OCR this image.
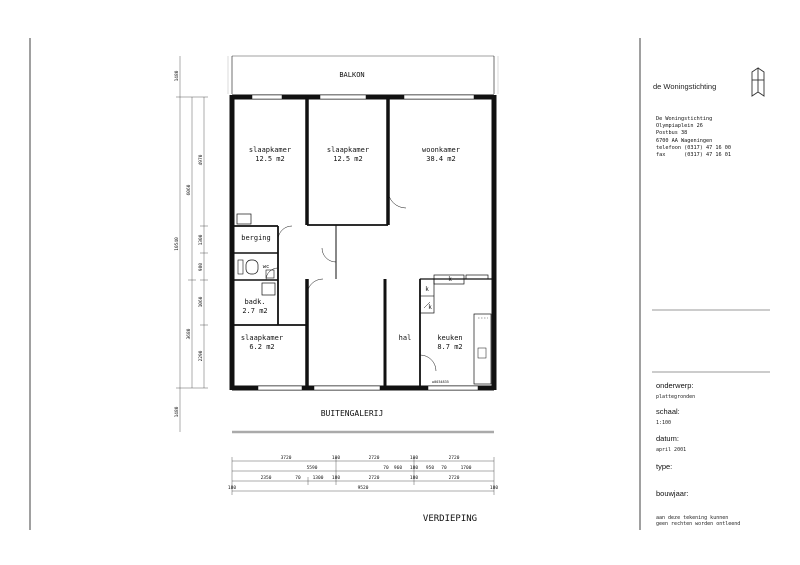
BALKON
BUITENGALERIJ
VERDIEPING
w0034835
slaapkamer
12.5 m2
slaapkamer
12.5 m2
woonkamer
38.4 m2
berging
wc
badk.
2.7 m2
slaapkamer
6.2 m2
hal	keuken
8.7 m2
k
k
k
1480
4970
6060
10540	1300
980
1060
3680
2290
1480
3720	180	2720	180	2720
5590	70 960 180 950 70	1700
2350	70	1300 180	2720	180	2720
180	9520	180
de Woningstichting
De Woningstichting
Olympiaplein 26
Postbus 38
6700 AA Wageningen
telefoon (0317) 47 16 00
fax      (0317) 47 16 01
onderwerp:
plattegronden
schaal:
1:100
datum:
april 2001
type:
bouwjaar:
aan deze tekening kunnen
geen rechten worden ontleend
